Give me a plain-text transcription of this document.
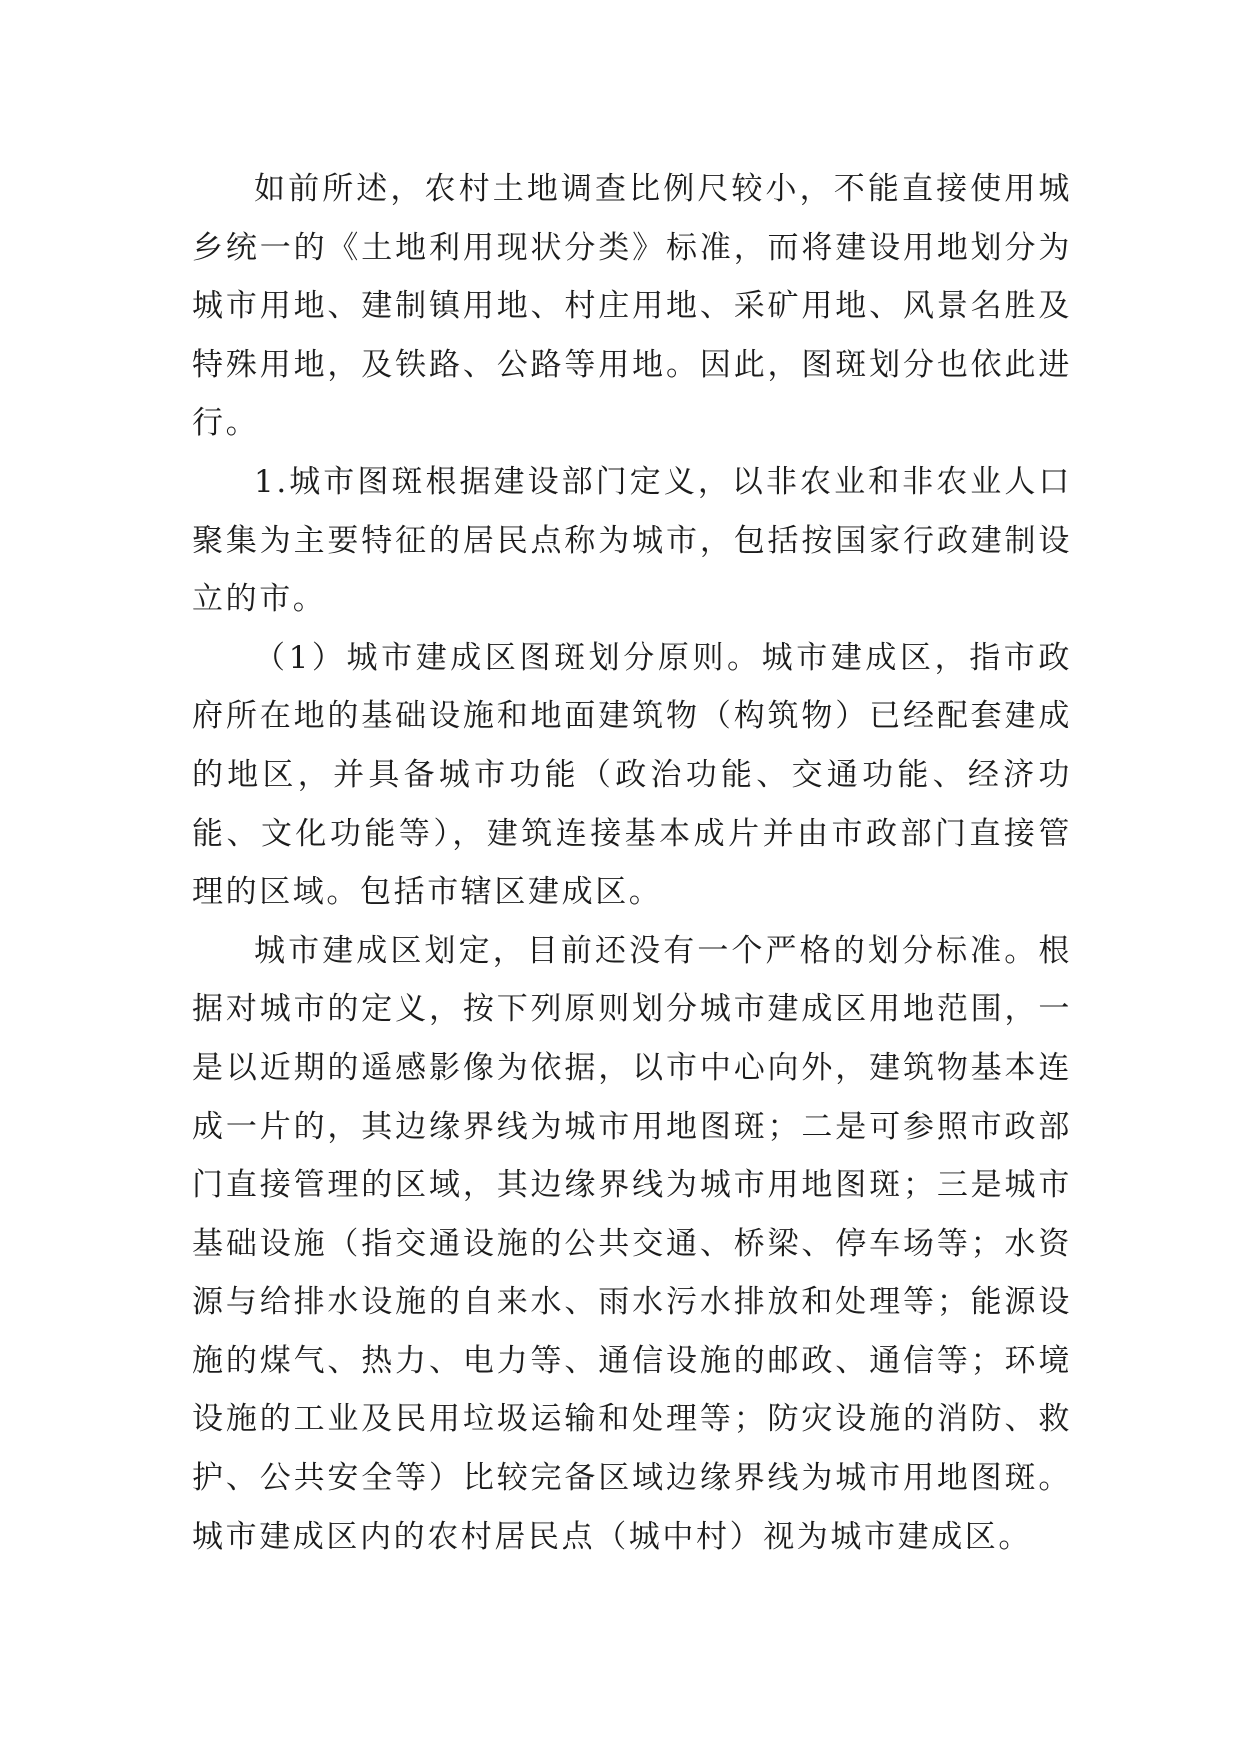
如前所述，农村土地调查比例尺较小，不能直接使用城乡统一的《土地利用现状分类》标准，而将建设用地划分为城市用地、建制镇用地、村庄用地、采矿用地、风景名胜及特殊用地，及铁路、公路等用地。因此，图斑划分也依此进行。

1.城市图斑根据建设部门定义，以非农业和非农业人口聚集为主要特征的居民点称为城市，包括按国家行政建制设立的市。

（1）城市建成区图斑划分原则。城市建成区，指市政府所在地的基础设施和地面建筑物（构筑物）已经配套建成的地区，并具备城市功能（政治功能、交通功能、经济功能、文化功能等），建筑连接基本成片并由市政部门直接管理的区域。包括市辖区建成区。

城市建成区划定，目前还没有一个严格的划分标准。根据对城市的定义，按下列原则划分城市建成区用地范围，一是以近期的遥感影像为依据，以市中心向外，建筑物基本连成一片的，其边缘界线为城市用地图斑；二是可参照市政部门直接管理的区域，其边缘界线为城市用地图斑；三是城市基础设施（指交通设施的公共交通、桥梁、停车场等；水资源与给排水设施的自来水、雨水污水排放和处理等；能源设施的煤气、热力、电力等、通信设施的邮政、通信等；环境设施的工业及民用垃圾运输和处理等；防灾设施的消防、救护、公共安全等）比较完备区域边缘界线为城市用地图斑。城市建成区内的农村居民点（城中村）视为城市建成区。
